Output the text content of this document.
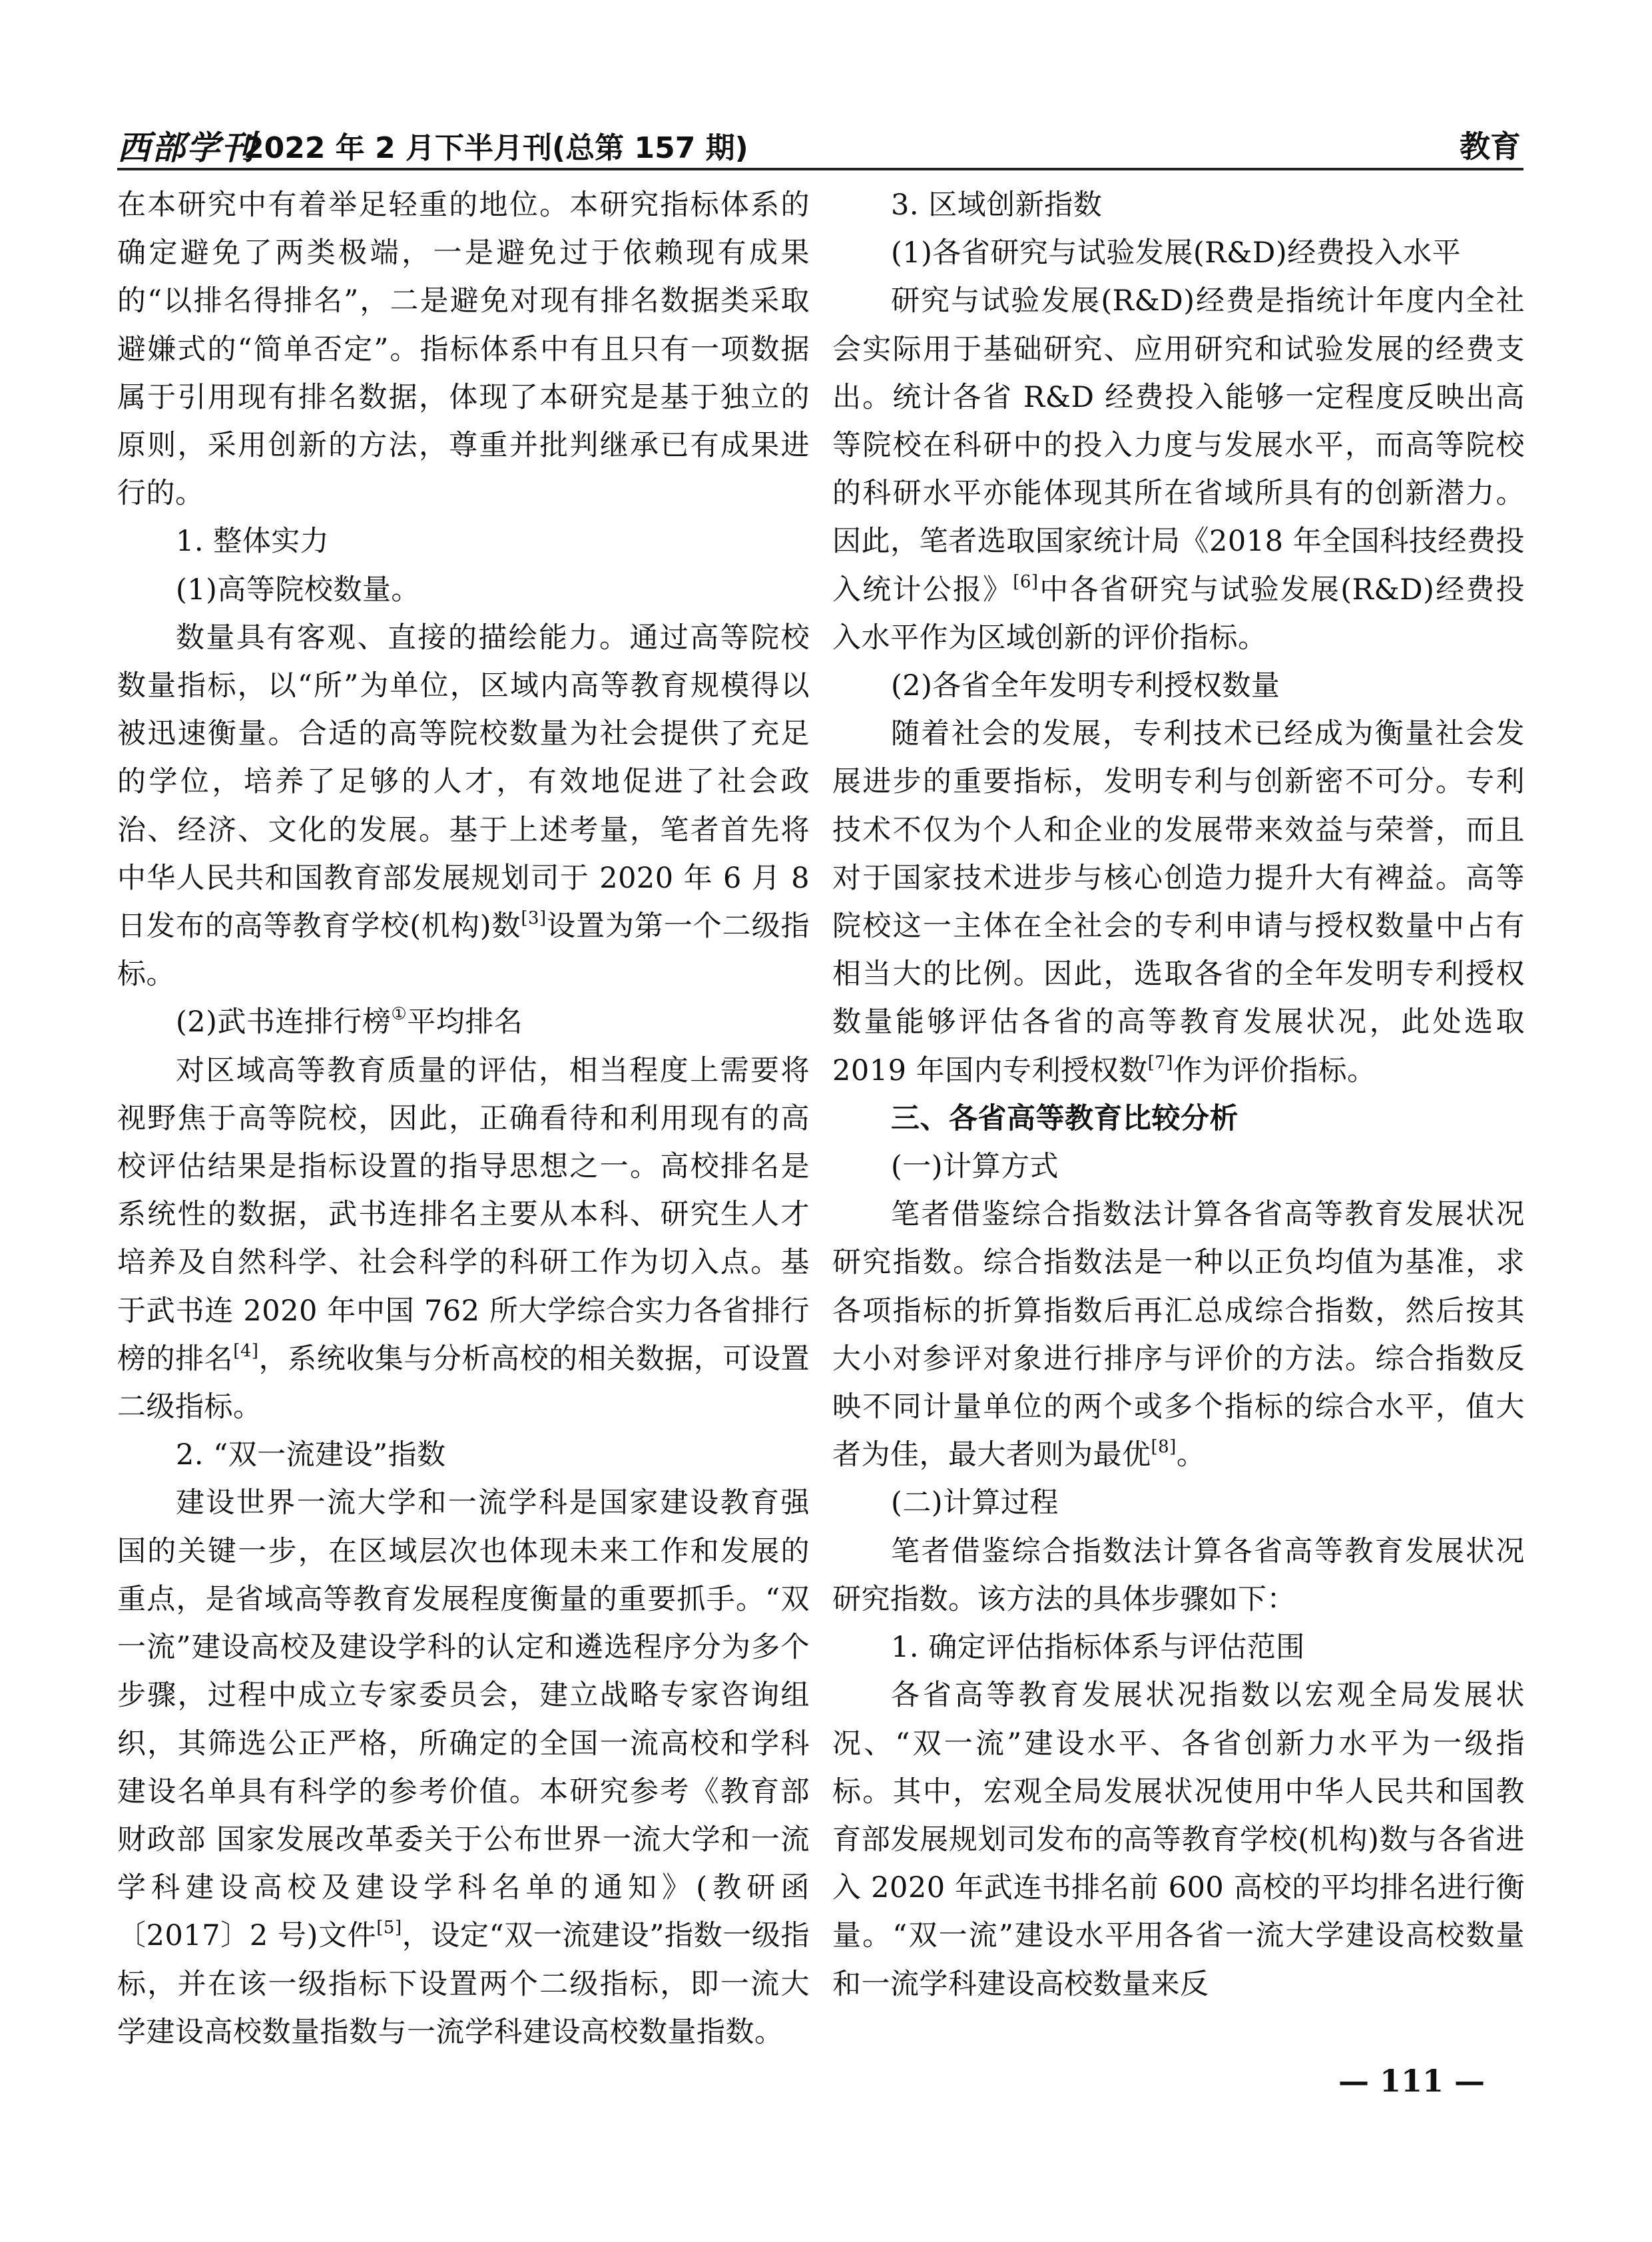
西部学刊
2022 年 2 月下半月刊(总第 157 期)	教育

在本研究中有着举足轻重的地位。本研究指标体系的确定避免了两类极端，一是避免过于依赖现有成果的“以排名得排名”，二是避免对现有排名数据类采取避嫌式的“简单否定”。指标体系中有且只有一项数据属于引用现有排名数据，体现了本研究是基于独立的原则，采用创新的方法，尊重并批判继承已有成果进行的。

1. 整体实力

(1)高等院校数量。

数量具有客观、直接的描绘能力。通过高等院校数量指标，以“所”为单位，区域内高等教育规模得以被迅速衡量。合适的高等院校数量为社会提供了充足的学位，培养了足够的人才，有效地促进了社会政治、经济、文化的发展。基于上述考量，笔者首先将中华人民共和国教育部发展规划司于 2020 年 6 月 8 日发布的高等教育学校(机构)数[3]设置为第一个二级指标。

(2)武书连排行榜①平均排名

对区域高等教育质量的评估，相当程度上需要将视野焦于高等院校，因此，正确看待和利用现有的高校评估结果是指标设置的指导思想之一。高校排名是系统性的数据，武书连排名主要从本科、研究生人才培养及自然科学、社会科学的科研工作为切入点。基于武书连 2020 年中国 762 所大学综合实力各省排行榜的排名[4]，系统收集与分析高校的相关数据，可设置二级指标。

2. “双一流建设”指数

建设世界一流大学和一流学科是国家建设教育强国的关键一步，在区域层次也体现未来工作和发展的重点，是省域高等教育发展程度衡量的重要抓手。“双一流”建设高校及建设学科的认定和遴选程序分为多个步骤，过程中成立专家委员会，建立战略专家咨询组织，其筛选公正严格，所确定的全国一流高校和学科建设名单具有科学的参考价值。本研究参考《教育部 财政部 国家发展改革委关于公布世界一流大学和一流学科建设高校及建设学科名单的通知》(教研函〔2017〕2 号)文件[5]，设定“双一流建设”指数一级指标，并在该一级指标下设置两个二级指标，即一流大学建设高校数量指数与一流学科建设高校数量指数。

3. 区域创新指数

(1)各省研究与试验发展(R&D)经费投入水平

研究与试验发展(R&D)经费是指统计年度内全社会实际用于基础研究、应用研究和试验发展的经费支出。统计各省 R&D 经费投入能够一定程度反映出高等院校在科研中的投入力度与发展水平，而高等院校的科研水平亦能体现其所在省域所具有的创新潜力。因此，笔者选取国家统计局《2018 年全国科技经费投入统计公报》[6]中各省研究与试验发展(R&D)经费投入水平作为区域创新的评价指标。

(2)各省全年发明专利授权数量

随着社会的发展，专利技术已经成为衡量社会发展进步的重要指标，发明专利与创新密不可分。专利技术不仅为个人和企业的发展带来效益与荣誉，而且对于国家技术进步与核心创造力提升大有裨益。高等院校这一主体在全社会的专利申请与授权数量中占有相当大的比例。因此，选取各省的全年发明专利授权数量能够评估各省的高等教育发展状况，此处选取 2019 年国内专利授权数[7]作为评价指标。

三、各省高等教育比较分析

(一)计算方式

笔者借鉴综合指数法计算各省高等教育发展状况研究指数。综合指数法是一种以正负均值为基准，求各项指标的折算指数后再汇总成综合指数，然后按其大小对参评对象进行排序与评价的方法。综合指数反映不同计量单位的两个或多个指标的综合水平，值大者为佳，最大者则为最优[8]。

(二)计算过程

笔者借鉴综合指数法计算各省高等教育发展状况研究指数。该方法的具体步骤如下：

1. 确定评估指标体系与评估范围

各省高等教育发展状况指数以宏观全局发展状况、“双一流”建设水平、各省创新力水平为一级指标。其中，宏观全局发展状况使用中华人民共和国教育部发展规划司发布的高等教育学校(机构)数与各省进入 2020 年武连书排名前 600 高校的平均排名进行衡量。“双一流”建设水平用各省一流大学建设高校数量和一流学科建设高校数量来反

— 111 —
